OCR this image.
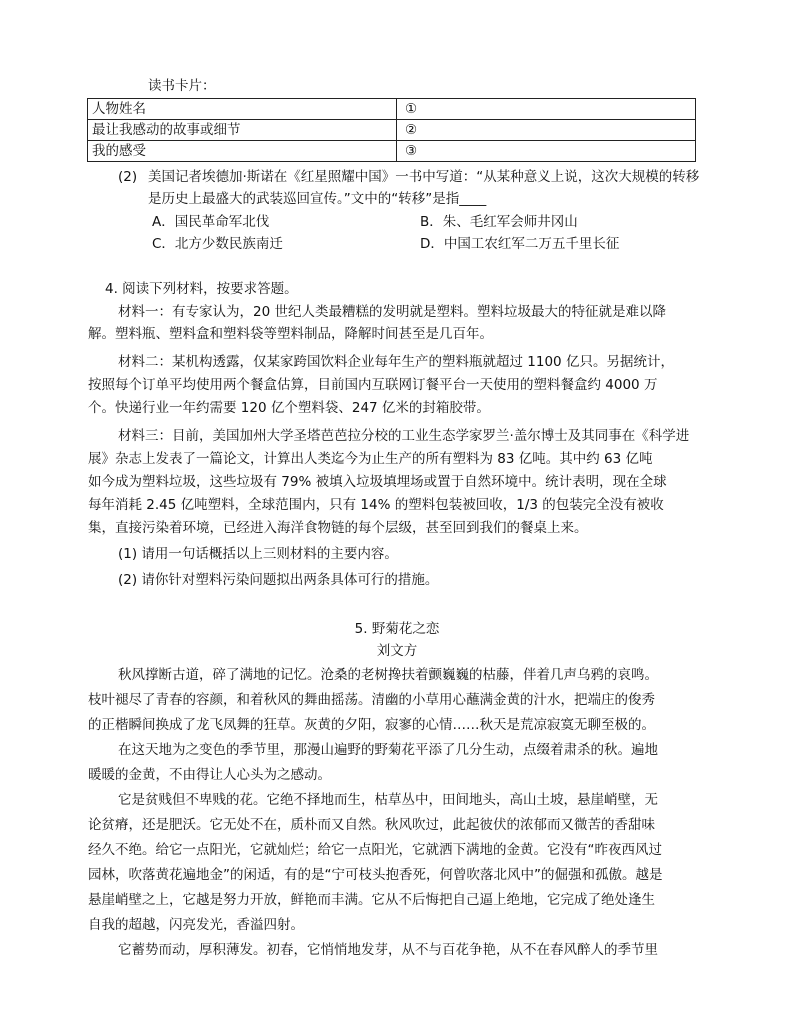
读书卡片：
人物姓名	①
最让我感动的故事或细节	②
我的感受	③
(2) 美国记者埃德加·斯诺在《红星照耀中国》一书中写道：“从某种意义上说，这次大规模的转移
是历史上最盛大的武装巡回宣传。”文中的“转移”是指____
A．国民革命军北伐	B．朱、毛红军会师井冈山
C．北方少数民族南迁	D．中国工农红军二万五千里长征
4. 阅读下列材料，按要求答题。
材料一：有专家认为，20 世纪人类最糟糕的发明就是塑料。塑料垃圾最大的特征就是难以降
解。塑料瓶、塑料盒和塑料袋等塑料制品，降解时间甚至是几百年。
材料二：某机构透露，仅某家跨国饮料企业每年生产的塑料瓶就超过 1100 亿只。另据统计，
按照每个订单平均使用两个餐盒估算，目前国内互联网订餐平台一天使用的塑料餐盒约 4000 万
个。快递行业一年约需要 120 亿个塑料袋、247 亿米的封箱胶带。
材料三：目前，美国加州大学圣塔芭芭拉分校的工业生态学家罗兰·盖尔博士及其同事在《科学进
展》杂志上发表了一篇论文，计算出人类迄今为止生产的所有塑料为 83 亿吨。其中约 63 亿吨
如今成为塑料垃圾，这些垃圾有 79% 被填入垃圾填埋场或置于自然环境中。统计表明，现在全球
每年消耗 2.45 亿吨塑料，全球范围内，只有 14% 的塑料包装被回收，1/3 的包装完全没有被收
集，直接污染着环境，已经进入海洋食物链的每个层级，甚至回到我们的餐桌上来。
(1) 请用一句话概括以上三则材料的主要内容。
(2) 请你针对塑料污染问题拟出两条具体可行的措施。
5. 野菊花之恋
刘文方
秋风撑断古道，碎了满地的记忆。沧桑的老树搀扶着颤巍巍的枯藤，伴着几声乌鸦的哀鸣。
枝叶褪尽了青春的容颜，和着秋风的舞曲摇荡。清幽的小草用心蘸满金黄的汁水，把端庄的俊秀
的正楷瞬间换成了龙飞凤舞的狂草。灰黄的夕阳，寂寥的心情……秋天是荒凉寂寞无聊至极的。
在这天地为之变色的季节里，那漫山遍野的野菊花平添了几分生动，点缀着肃杀的秋。遍地
暖暖的金黄，不由得让人心头为之感动。
它是贫贱但不卑贱的花。它绝不择地而生，枯草丛中，田间地头，高山土坡，悬崖峭壁，无
论贫瘠，还是肥沃。它无处不在，质朴而又自然。秋风吹过，此起彼伏的浓郁而又微苦的香甜味
经久不绝。给它一点阳光，它就灿烂；给它一点阳光，它就洒下满地的金黄。它没有“昨夜西风过
园林，吹落黄花遍地金”的闲适，有的是“宁可枝头抱香死，何曾吹落北风中”的倔强和孤傲。越是
悬崖峭壁之上，它越是努力开放，鲜艳而丰满。它从不后悔把自己逼上绝地，它完成了绝处逢生
自我的超越，闪亮发光，香溢四射。
它蓄势而动，厚积薄发。初春，它悄悄地发芽，从不与百花争艳，从不在春风醉人的季节里
